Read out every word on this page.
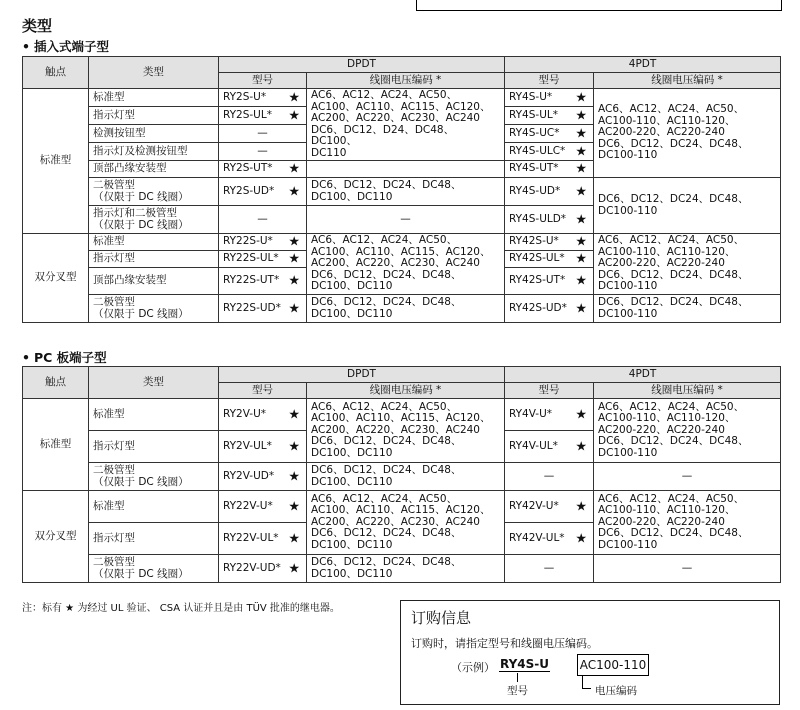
类型
• 插入式端子型
触点	类型	DPDT		4PDT	
		型号	线圈电压编码 *	型号	线圈电压编码 *
标准型	标准型	RY2S-U* ★	AC6、AC12、AC24、AC50、
AC100、AC110、AC115、AC120、
AC200、AC220、AC230、AC240
DC6、DC12、D24、DC48、DC100、
DC110	RY4S-U* ★	AC6、AC12、AC24、AC50、
AC100-110、AC110-120、
AC200-220、AC220-240
DC6、DC12、DC24、DC48、
DC100-110
	指示灯型	RY2S-UL* ★		RY4S-UL* ★	

	检测按钮型	—		RY4S-UC* ★	

	指示灯及检测按钮型	—		RY4S-ULC* ★	

	顶部凸缘安装型	RY2S-UT* ★		RY4S-UT* ★	

	二极管型
（仅限于 DC 线圈）	RY2S-UD* ★	DC6、DC12、DC24、DC48、
DC100、DC110	RY4S-UD* ★	DC6、DC12、DC24、DC48、
DC100-110
	指示灯和二极管型
（仅限于 DC 线圈）	—	—	RY4S-ULD* ★	

双分叉型	标准型	RY22S-U* ★	AC6、AC12、AC24、AC50、
AC100、AC110、AC115、AC120、
AC200、AC220、AC230、AC240
DC6、DC12、DC24、DC48、
DC100、DC110	RY42S-U* ★	AC6、AC12、AC24、AC50、
AC100-110、AC110-120、
AC200-220、AC220-240
DC6、DC12、DC24、DC48、
DC100-110
	指示灯型	RY22S-UL* ★		RY42S-UL* ★	

	顶部凸缘安装型	RY22S-UT* ★		RY42S-UT* ★	

	二极管型
（仅限于 DC 线圈）	RY22S-UD* ★	DC6、DC12、DC24、DC48、
DC100、DC110	RY42S-UD* ★	DC6、DC12、DC24、DC48、
DC100-110
• PC 板端子型
触点	类型	DPDT		4PDT	
		型号	线圈电压编码 *	型号	线圈电压编码 *
标准型	标准型	RY2V-U* ★	AC6、AC12、AC24、AC50、
AC100、AC110、AC115、AC120、
AC200、AC220、AC230、AC240
DC6、DC12、DC24、DC48、
DC100、DC110	RY4V-U* ★	AC6、AC12、AC24、AC50、
AC100-110、AC110-120、
AC200-220、AC220-240
DC6、DC12、DC24、DC48、
DC100-110
	指示灯型	RY2V-UL* ★		RY4V-UL* ★	

	二极管型
（仅限于 DC 线圈）	RY2V-UD* ★	DC6、DC12、DC24、DC48、
DC100、DC110	—	—
双分叉型	标准型	RY22V-U* ★	AC6、AC12、AC24、AC50、
AC100、AC110、AC115、AC120、
AC200、AC220、AC230、AC240
DC6、DC12、DC24、DC48、
DC100、DC110	RY42V-U* ★	AC6、AC12、AC24、AC50、
AC100-110、AC110-120、
AC200-220、AC220-240
DC6、DC12、DC24、DC48、
DC100-110
	指示灯型	RY22V-UL* ★		RY42V-UL* ★	

	二极管型
（仅限于 DC 线圈）	RY22V-UD* ★	DC6、DC12、DC24、DC48、
DC100、DC110	—	—

注：标有 ★ 为经过 UL 验证、 CSA 认证并且是由 TÜV 批准的继电器。

订购信息

订购时，请指定型号和线圈电压编码。

（示例） RY4S-U	AC100-110
型号	电压编码
